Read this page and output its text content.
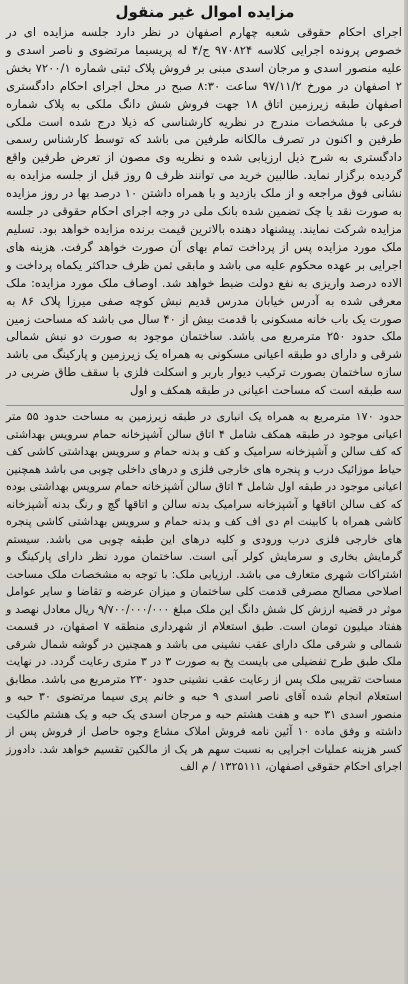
مزایده اموال غیر منقول

اجرای احکام حقوقی شعبه چهارم اصفهان در نظر دارد جلسه مزایده ای در خصوص پرونده اجرایی کلاسه ۹۷۰۸۲۴ ج/۴ له پریسیما مرتضوی و ناصر اسدی و علیه منصور اسدی و مرجان اسدی مبنی بر فروش پلاک ثبتی شماره ۷۲۰۰/۱ بخش ۲ اصفهان در مورخ ۹۷/۱۱/۲ ساعت ۸:۳۰ صبح در محل اجرای احکام دادگستری اصفهان طبقه زیرزمین اتاق ۱۸ جهت فروش شش دانگ ملکی به پلاک شماره فرعی با مشخصات مندرج در نظریه کارشناسی که ذیلا درج شده است ملکی طرفین و اکنون در تصرف مالکانه طرفین می باشد که توسط کارشناس رسمی دادگستری به شرح ذیل ارزیابی شده و نظریه وی مصون از تعرض طرفین واقع گردیده برگزار نماید. طالبین خرید می توانند ظرف ۵ روز قبل از جلسه مزایده به نشانی فوق مراجعه و از ملک بازدید و با همراه داشتن ۱۰ درصد بها در روز مزایده به صورت نقد یا چک تضمین شده بانک ملی در وجه اجرای احکام حقوقی در جلسه مزایده شرکت نمایند. پیشنهاد دهنده بالاترین قیمت برنده مزایده خواهد بود. تسلیم ملک مورد مزایده پس از پرداخت تمام بهای آن صورت خواهد گرفت. هزینه های اجرایی بر عهده محکوم علیه می باشد و مابقی ثمن ظرف حداکثر یکماه پرداخت و الاده درصد واریزی به نفع دولت ضبط خواهد شد. اوصاف ملک مورد مزایده: ملک معرفی شده به آدرس خیابان مدرس قدیم نبش کوچه صفی میرزا پلاک ۸۶ به صورت یک باب خانه مسکونی با قدمت بیش از ۴۰ سال می باشد که مساحت زمین ملک حدود ۲۵۰ مترمربع می باشد. ساختمان موجود به صورت دو نبش شمالی شرقی و دارای دو طبقه اعیانی مسکونی به همراه یک زیرزمین و پارکینگ می باشد سازه ساختمان بصورت ترکیب دیوار باربر و اسکلت فلزی با سقف طاق ضربی در سه طبقه است که مساحت اعیانی در طبقه همکف و اول

حدود ۱۷۰ مترمربع به همراه یک انباری در طبقه زیرزمین به مساحت حدود ۵۵ متر اعیانی موجود در طبقه همکف شامل ۴ اتاق سالن آشپزخانه حمام سرویس بهداشتی که کف سالن و آشپزخانه سرامیک و کف و بدنه حمام و سرویس بهداشتی کاشی کف حیاط موزائیک درب و پنجره های خارجی فلزی و درهای داخلی چوبی می باشد همچنین اعیانی موجود در طبقه اول شامل ۴ اتاق سالن آشپزخانه حمام سرویس بهداشتی بوده که کف سالن اتاقها و آشپزخانه سرامیک بدنه سالن و اتاقها گچ و رنگ بدنه آشپزخانه کاشی همراه با کابینت ام دی اف کف و بدنه حمام و سرویس بهداشتی کاشی پنجره های خارجی فلزی درب ورودی و کلیه درهای این طبقه چوبی می باشد. سیستم گرمایش بخاری و سرمایش کولر آبی است. ساختمان مورد نظر دارای پارکینگ و اشتراکات شهری متعارف می باشد. ارزیابی ملک: با توجه به مشخصات ملک مساحت اصلاحی مصالح مصرفی قدمت کلی ساختمان و میزان عرضه و تقاضا و سایر عوامل موثر در قضیه ارزش کل شش دانگ این ملک مبلغ ۹/۷۰۰/۰۰۰/۰۰۰ ریال معادل نهصد و هفتاد میلیون تومان است. طبق استعلام از شهرداری منطقه ۷ اصفهان، در قسمت شمالی و شرقی ملک دارای عقب نشینی می باشد و همچنین در گوشه شمال شرقی ملک طبق طرح تفضیلی می بایست پخ به صورت ۳ در ۳ متری رعایت گردد. در نهایت مساحت تقریبی ملک پس از رعایت عقب نشینی حدود ۲۳۰ مترمربع می باشد. مطابق استعلام انجام شده آقای ناصر اسدی ۹ حبه و خانم پری سیما مرتضوی ۳۰ حبه و منصور اسدی ۳۱ حبه و هفت هشتم حبه و مرجان اسدی یک حبه و یک هشتم مالکیت داشته و وفق ماده ۱۰ آئین نامه فروش املاک مشاع وجوه حاصل از فروش پس از کسر هزینه عملیات اجرایی به نسبت سهم هر یک از مالکین تقسیم خواهد شد. دادورز اجرای احکام حقوقی اصفهان، ۱۳۲۵۱۱۱ / م الف
